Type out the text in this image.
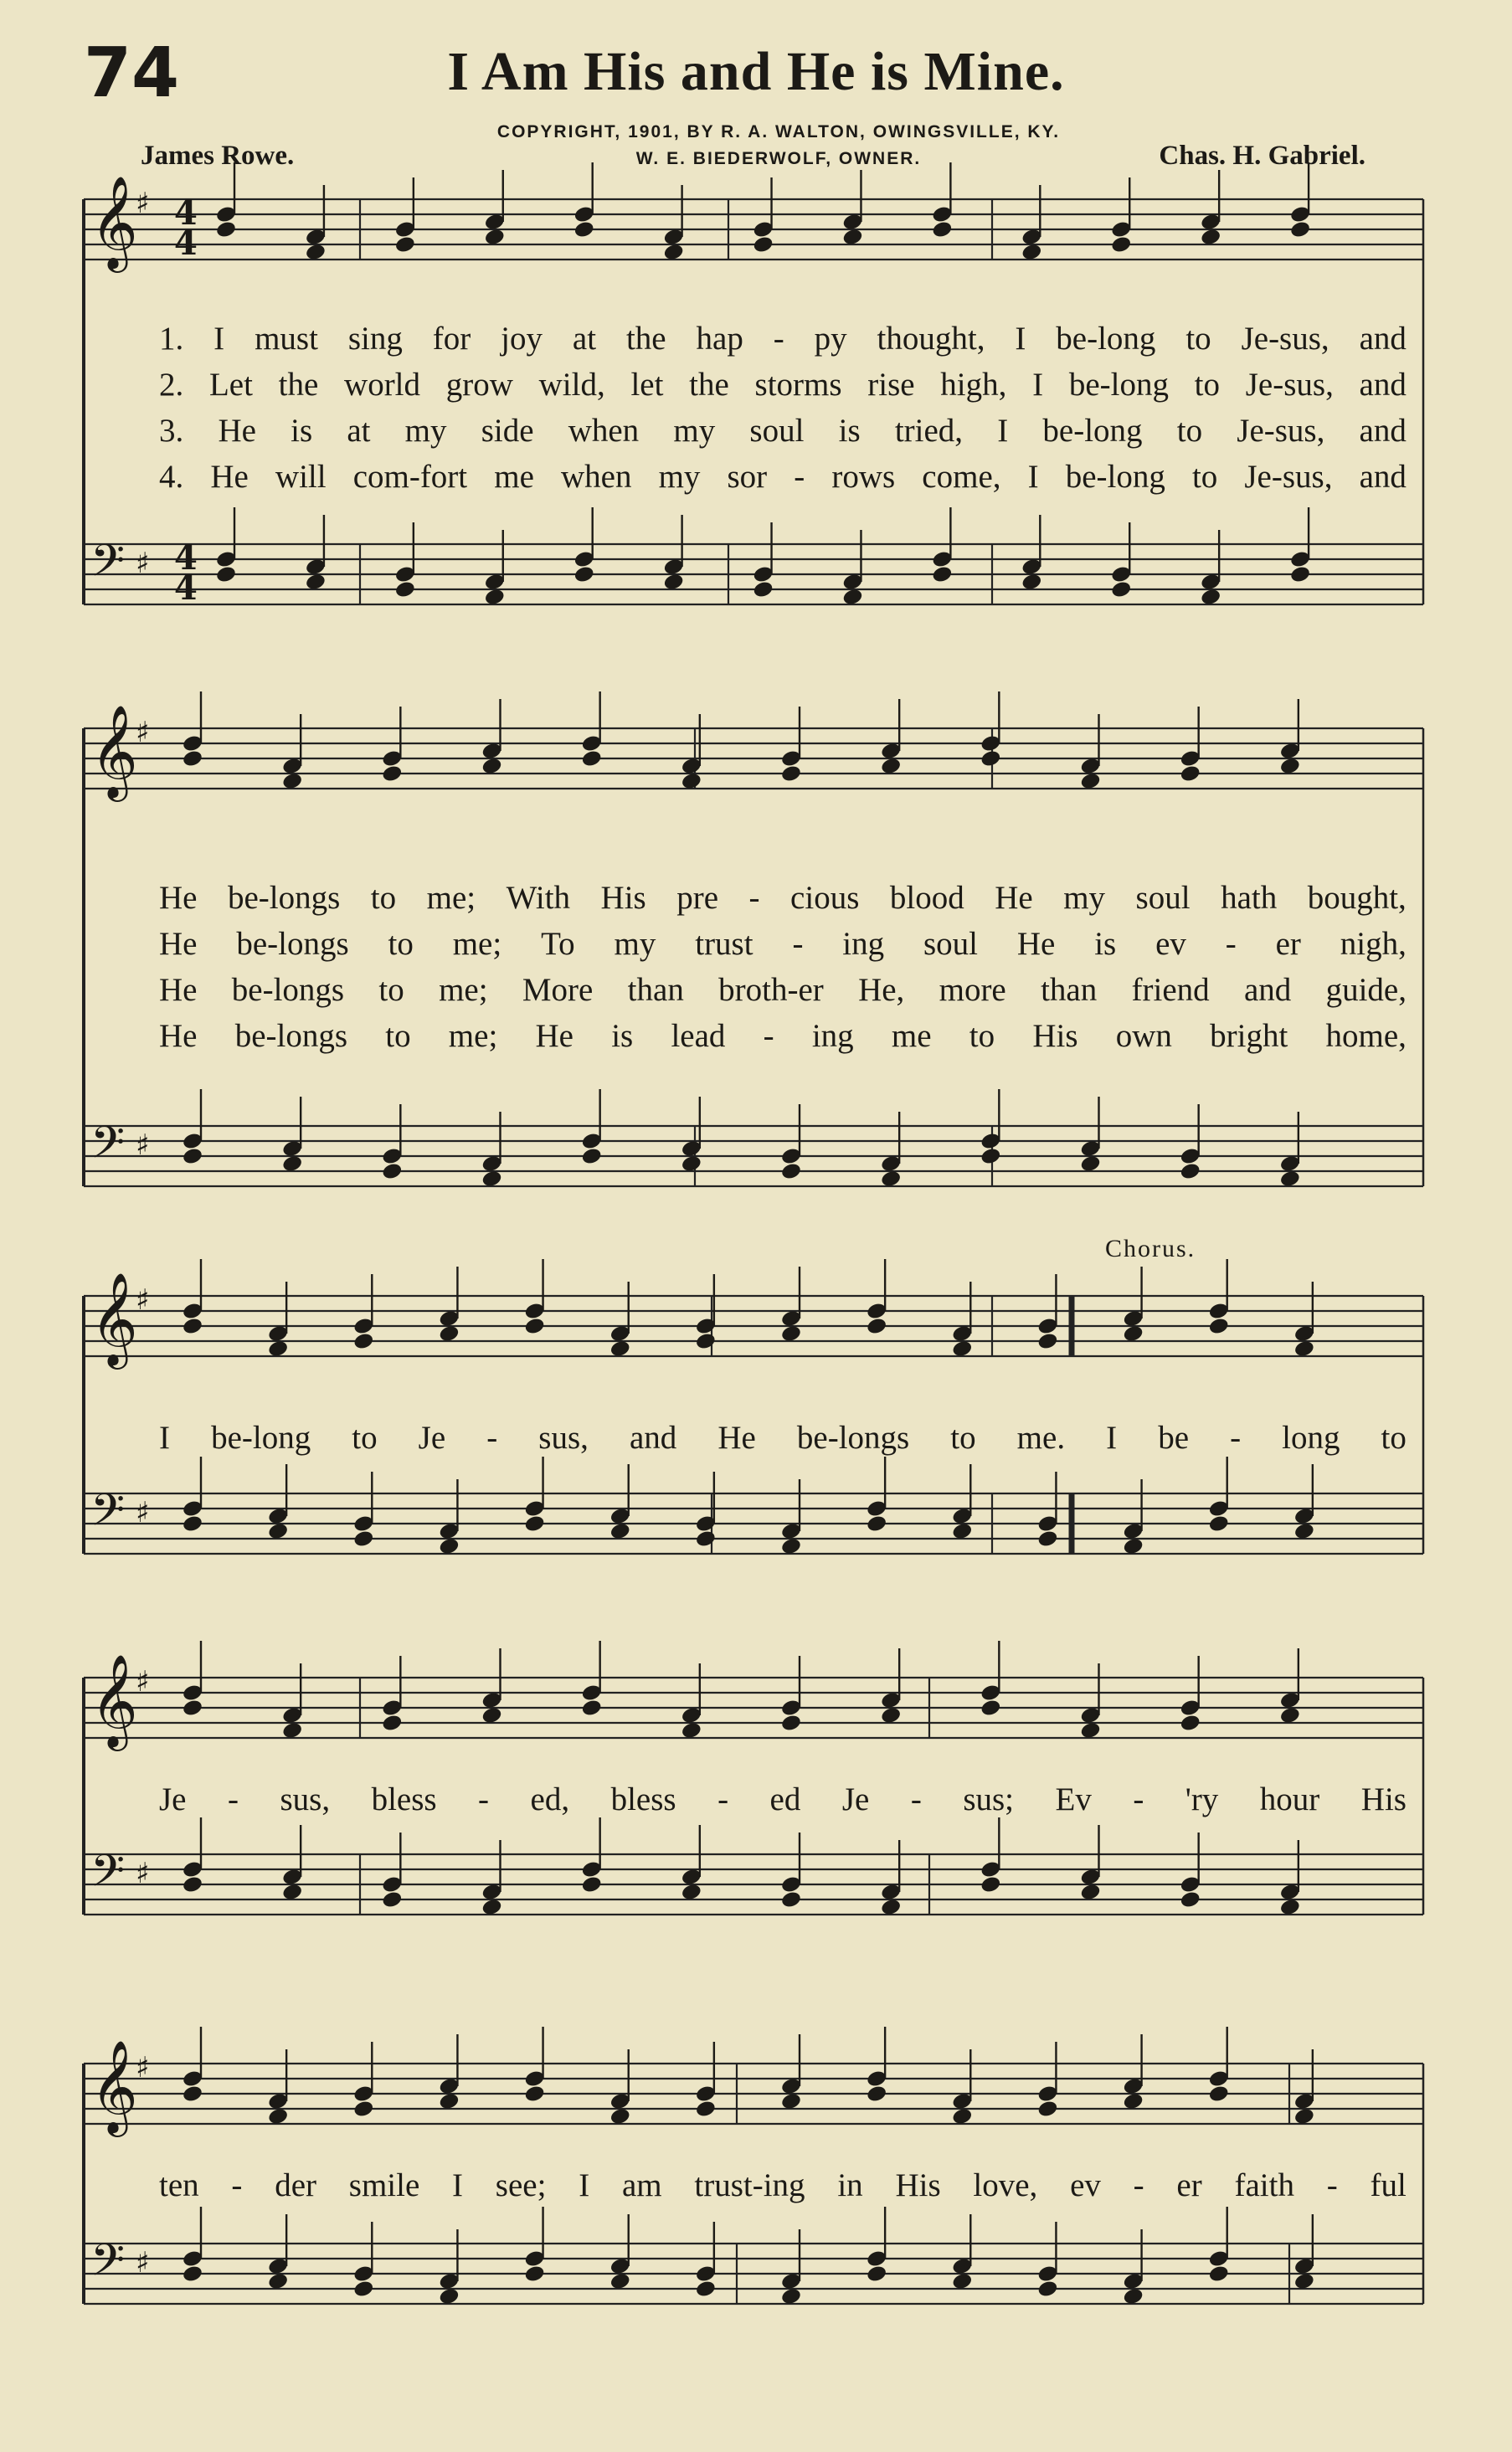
74	I Am His and He is Mine.
COPYRIGHT, 1901, BY R. A. WALTON, OWINGSVILLE, KY.
W. E. BIEDERWOLF, OWNER.
James Rowe.	Chas. H. Gabriel.
Chorus.
𝄞
♯
𝄢 ♯
4
4
4
4
𝄞
♯
𝄢 ♯
𝄞
♯
𝄢 ♯
𝄞
♯
𝄢 ♯
𝄞
♯
𝄢 ♯
1. I must sing for joy at the hap - py thought, I be-long to Je-sus, and
2. Let the world grow wild, let the storms rise high, I be-long to Je-sus, and
3. He is at my side when my soul is tried, I be-long to Je-sus, and
4. He will com-fort me when my sor - rows come, I be-long to Je-sus, and
He be-longs to me; With His pre - cious blood He my soul hath bought,
He be-longs to me; To my trust - ing soul He is ev - er nigh,
He be-longs to me; More than broth-er He, more than friend and guide,
He be-longs to me; He is lead - ing me to His own bright home,
I be-long to Je - sus, and He be-longs to me. I be - long to
Je - sus, bless - ed, bless - ed Je - sus; Ev - 'ry hour His
ten - der smile I see; I am trust-ing in His love, ev - er faith - ful
